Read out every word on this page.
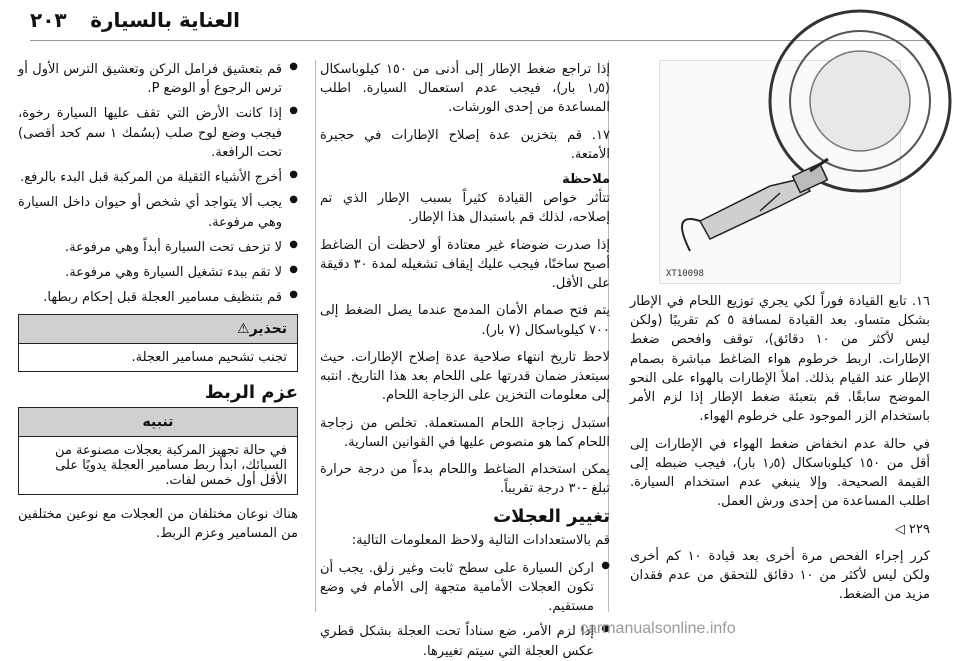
٢٠٣ العناية بالسيارة
XT10098

١٦. تابع القيادة فوراً لكي يجري توزيع اللحام في الإطار بشكل متساو. بعد القيادة لمسافة ٥ كم تقريبًا (ولكن ليس لأكثر من ١٠ دقائق)، توقف وافحص ضغط الإطارات. اربط خرطوم هواء الضاغط مباشرة بصمام الإطار عند القيام بذلك. املأ الإطارات بالهواء على النحو الموضح سابقًا. قم بتعبئة ضغط الإطار إذا لزم الأمر باستخدام الزر الموجود على خرطوم الهواء.

في حالة عدم انخفاض ضغط الهواء في الإطارات إلى أقل من ١٥٠ كيلوباسكال (١٫٥ بار)، فيجب ضبطه إلى القيمة الصحيحة. وإلا ينبغي عدم استخدام السيارة. اطلب المساعدة من إحدى ورش العمل.

٢٢٩ ◁

كرر إجراء الفحص مرة أخرى بعد قيادة ١٠ كم أخرى ولكن ليس لأكثر من ١٠ دقائق للتحقق من عدم فقدان مزيد من الضغط.

إذا تراجع ضغط الإطار إلى أدنى من ١٥٠ كيلوباسكال (١٫٥ بار)، فيجب عدم استعمال السيارة. اطلب المساعدة من إحدى الورشات.

١٧. قم بتخزين عدة إصلاح الإطارات في حجيرة الأمتعة.

ملاحظة

تتأثر خواص القيادة كثيراً بسبب الإطار الذي تم إصلاحه، لذلك قم باستبدال هذا الإطار.

إذا صدرت ضوضاء غير معتادة أو لاحظت أن الضاغط أصبح ساخنًا، فيجب عليك إيقاف تشغيله لمدة ٣٠ دقيقة على الأقل.

يتم فتح صمام الأمان المدمج عندما يصل الضغط إلى ٧٠٠ كيلوباسكال (٧ بار).

لاحظ تاريخ انتهاء صلاحية عدة إصلاح الإطارات. حيث سيتعذر ضمان قدرتها على اللحام بعد هذا التاريخ. انتبه إلى معلومات التخزين على الزجاجة اللحام.

استبدل زجاجة اللحام المستعملة. تخلص من زجاجة اللحام كما هو منصوص عليها في القوانين السارية.

يمكن استخدام الضاغط واللحام بدءاً من درجة حرارة تبلغ -٣٠ درجة تقريباً.

تغيير العجلات

قم بالاستعدادات التالية ولاحظ المعلومات التالية:

● اركن السيارة على سطح ثابت وغير زلق. يجب أن تكون العجلات الأمامية متجهة إلى الأمام في وضع مستقيم.
● إذا لزم الأمر، ضع سناداً تحت العجلة بشكل قطري عكس العجلة التي سيتم تغييرها.
● قم بتعشيق فرامل الركن وتعشيق الترس الأول أو ترس الرجوع أو الوضع P.
● إذا كانت الأرض التي تقف عليها السيارة رخوة، فيجب وضع لوح صلب (بسُمك ١ سم كحد أقصى) تحت الرافعة.
● أخرج الأشياء الثقيلة من المركبة قبل البدء بالرفع.
● يجب ألا يتواجد أي شخص أو حيوان داخل السيارة وهي مرفوعة.
● لا تزحف تحت السيارة أبداً وهي مرفوعة.
● لا تقم ببدء تشغيل السيارة وهي مرفوعة.
● قم بتنظيف مسامير العجلة قبل إحكام ربطها.
تحذير⚠
تجنب تشحيم مسامير العجلة.
عزم الربط
تنبيه
في حالة تجهيز المركبة بعجلات مصنوعة من السبائك، ابدأ ربط مسامير العجلة يدويًا على الأقل أول خمس لفات.

هناك نوعان مختلفان من العجلات مع نوعين مختلفين من المسامير وعزم الربط.

carmanualsonline.info
